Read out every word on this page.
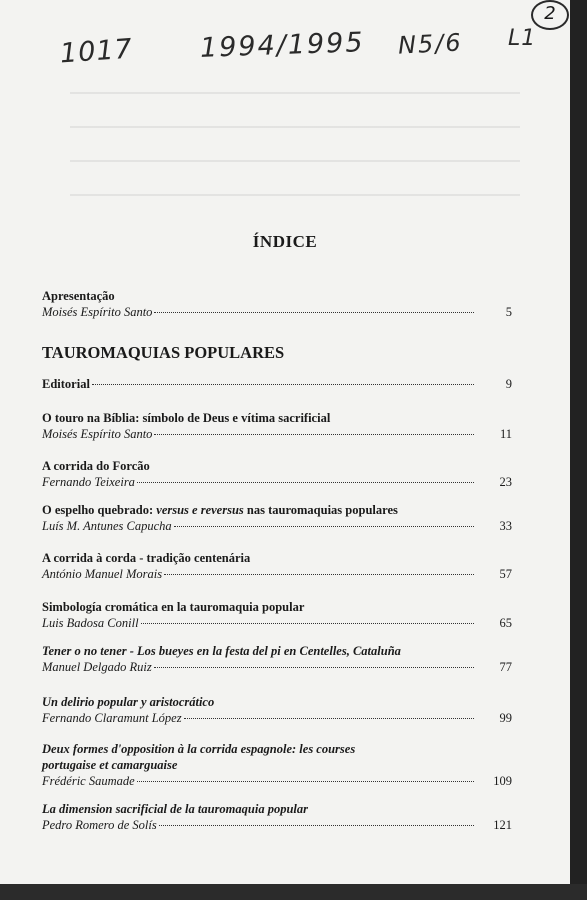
1017 1994/1995 N5/6 L1
2
ÍNDICE
Apresentação
Moisés Espírito Santo	5
TAUROMAQUIAS POPULARES
Editorial	9
O touro na Bíblia: símbolo de Deus e vítima sacrificial
Moisés Espírito Santo	11
A corrida do Forcão
Fernando Teixeira	23
O espelho quebrado: versus e reversus nas tauromaquias populares
Luís M. Antunes Capucha	33
A corrida à corda - tradição centenária
António Manuel Morais	57
Simbología cromática en la tauromaquia popular
Luis Badosa Conill	65
Tener o no tener - Los bueyes en la festa del pi en Centelles, Cataluña
Manuel Delgado Ruiz	77
Un delirio popular y aristocrático
Fernando Claramunt López	99
Deux formes d'opposition à la corrida espagnole: les courses
portugaise et camarguaise
Frédéric Saumade	109
La dimension sacrificial de la tauromaquia popular
Pedro Romero de Solís	121
